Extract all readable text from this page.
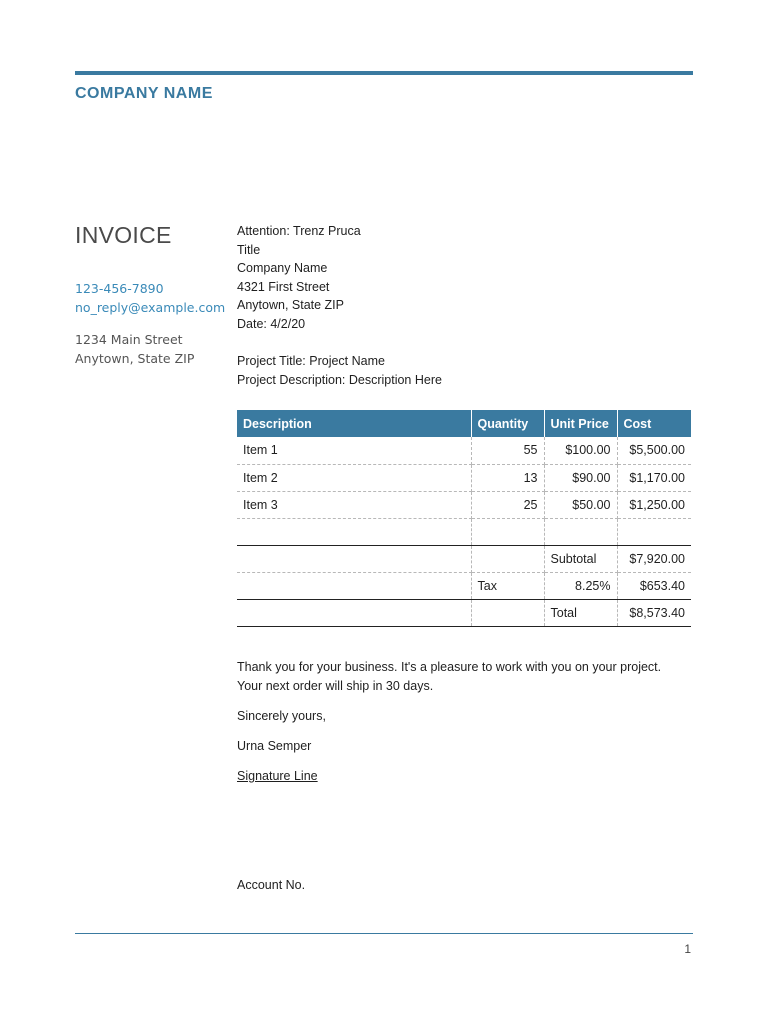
COMPANY NAME
INVOICE
123-456-7890
no_reply@example.com
1234 Main Street
Anytown, State ZIP
Attention: Trenz Pruca
Title
Company Name
4321 First Street
Anytown, State ZIP
Date: 4/2/20
Project Title: Project Name
Project Description: Description Here
Description	Quantity	Unit Price	Cost
Item 1	55	$100.00	$5,500.00
Item 2	13	$90.00	$1,170.00
Item 3	25	$50.00	$1,250.00

		Subtotal	$7,920.00
	Tax	8.25%	$653.40
		Total	$8,573.40
Thank you for your business. It's a pleasure to work with you on your project.
Your next order will ship in 30 days.
Sincerely yours,
Urna Semper
Signature Line
Account No.
1
